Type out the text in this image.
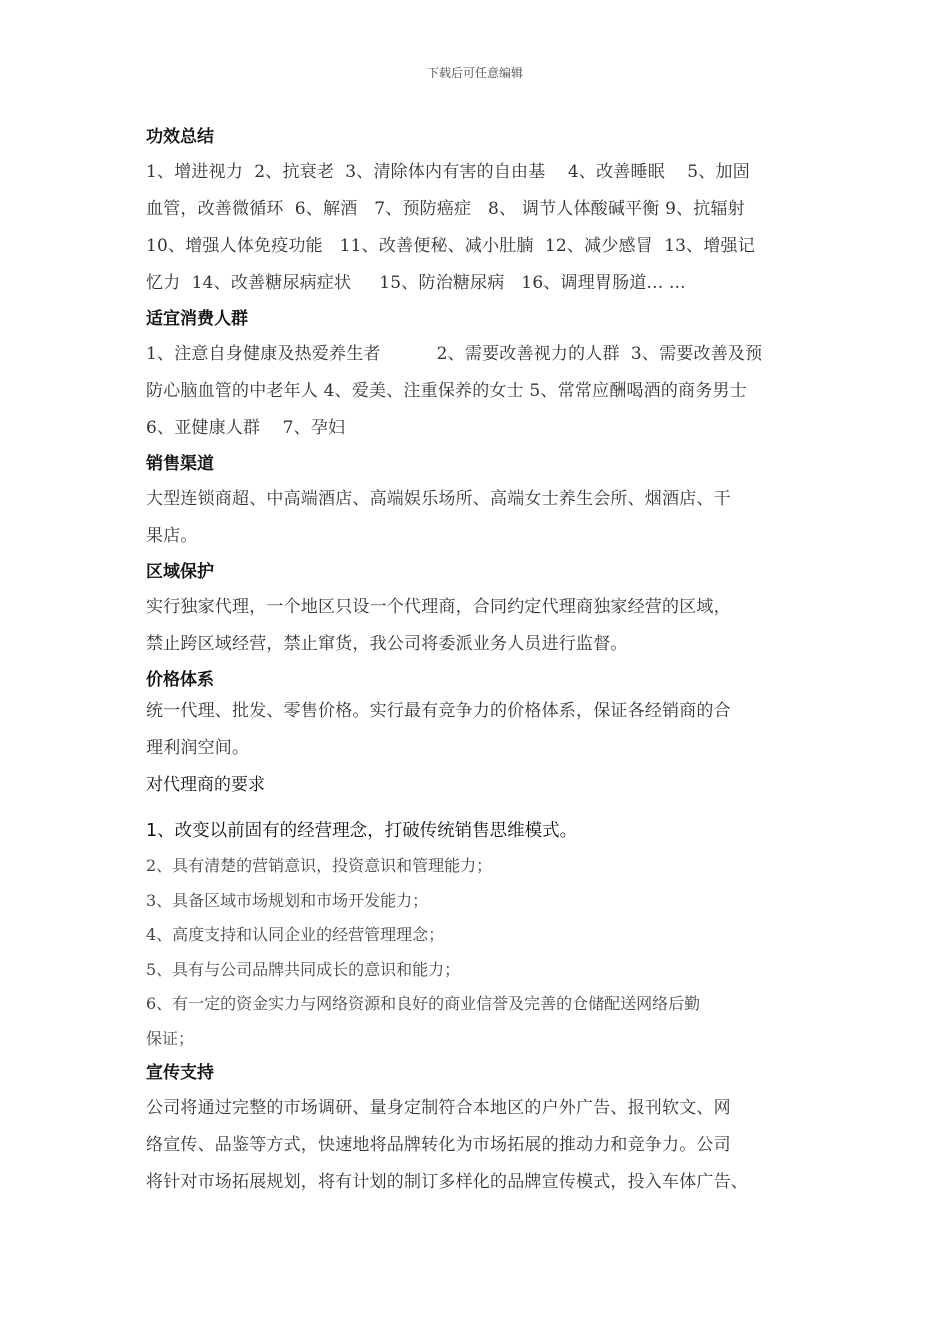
下载后可任意编辑
功效总结
1、增进视力  2、抗衰老  3、清除体内有害的自由基    4、改善睡眠    5、加固
血管，改善微循环  6、解酒   7、预防癌症   8、 调节人体酸碱平衡 9、抗辐射
10、增强人体免疫功能   11、改善便秘、减小肚腩  12、减少感冒  13、增强记
忆力  14、改善糖尿病症状     15、防治糖尿病   16、调理胃肠道... ...
适宜消费人群
1、注意自身健康及热爱养生者          2、需要改善视力的人群  3、需要改善及预
防心脑血管的中老年人 4、爱美、注重保养的女士 5、常常应酬喝酒的商务男士
6、亚健康人群    7、孕妇
销售渠道
大型连锁商超、中高端酒店、高端娱乐场所、高端女士养生会所、烟酒店、干
果店。
区域保护
实行独家代理，一个地区只设一个代理商，合同约定代理商独家经营的区域，
禁止跨区域经营，禁止窜货，我公司将委派业务人员进行监督。
价格体系
统一代理、批发、零售价格。实行最有竞争力的价格体系，保证各经销商的合
理利润空间。
对代理商的要求
1、改变以前固有的经营理念，打破传统销售思维模式。
2、具有清楚的营销意识，投资意识和管理能力；
3、具备区域市场规划和市场开发能力；
4、高度支持和认同企业的经营管理理念；
5、具有与公司品牌共同成长的意识和能力；
6、有一定的资金实力与网络资源和良好的商业信誉及完善的仓储配送网络后勤
保证；
宣传支持
公司将通过完整的市场调研、量身定制符合本地区的户外广告、报刊软文、网
络宣传、品鉴等方式，快速地将品牌转化为市场拓展的推动力和竞争力。公司
将针对市场拓展规划，将有计划的制订多样化的品牌宣传模式，投入车体广告、
